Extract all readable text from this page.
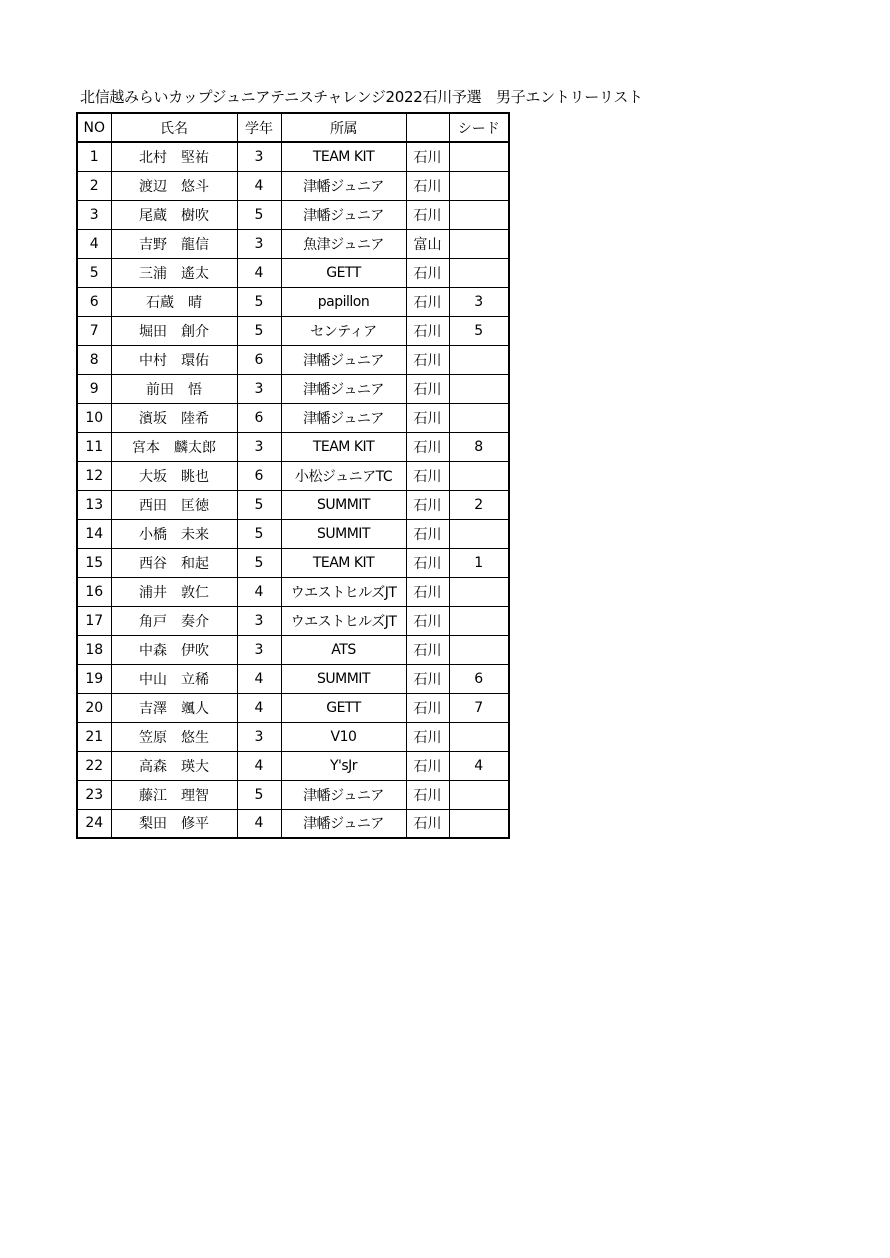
北信越みらいカップジュニアテニスチャレンジ2022石川予選　男子エントリーリスト
NO	氏名	学年	所属		シード
1	北村　堅祐	3	TEAM KIT	石川	
2	渡辺　悠斗	4	津幡ジュニア	石川	
3	尾蔵　樹吹	5	津幡ジュニア	石川	
4	吉野　龍信	3	魚津ジュニア	富山	
5	三浦　遙太	4	GETT	石川	
6	石蔵　晴	5	papillon	石川	3
7	堀田　創介	5	センティア	石川	5
8	中村　環佑	6	津幡ジュニア	石川	
9	前田　悟	3	津幡ジュニア	石川	
10	濱坂　陸希	6	津幡ジュニア	石川	
11	宮本　麟太郎	3	TEAM KIT	石川	8
12	大坂　眺也	6	小松ジュニアTC	石川	
13	西田　匡徳	5	SUMMIT	石川	2
14	小橋　未来	5	SUMMIT	石川	
15	西谷　和起	5	TEAM KIT	石川	1
16	浦井　敦仁	4	ウエストヒルズJT	石川	
17	角戸　奏介	3	ウエストヒルズJT	石川	
18	中森　伊吹	3	ATS	石川	
19	中山　立稀	4	SUMMIT	石川	6
20	吉澤　颯人	4	GETT	石川	7
21	笠原　悠生	3	V10	石川	
22	高森　瑛大	4	Y'sJr	石川	4
23	藤江　理智	5	津幡ジュニア	石川	
24	梨田　修平	4	津幡ジュニア	石川	
